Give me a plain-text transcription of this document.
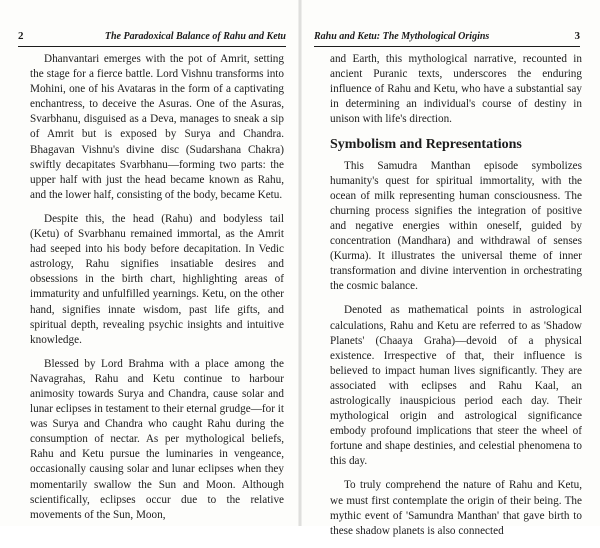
2	The Paradoxical Balance of Rahu and Ketu

Dhanvantari emerges with the pot of Amrit, setting the stage for a fierce battle. Lord Vishnu transforms into Mohini, one of his Avataras in the form of a captivating enchantress, to deceive the Asuras. One of the Asuras, Svarbhanu, disguised as a Deva, manages to sneak a sip of Amrit but is exposed by Surya and Chandra. Bhagavan Vishnu's divine disc (Sudarshana Chakra) swiftly decapitates Svarbhanu—forming two parts: the upper half with just the head became known as Rahu, and the lower half, consisting of the body, became Ketu.

Despite this, the head (Rahu) and bodyless tail (Ketu) of Svarbhanu remained immortal, as the Amrit had seeped into his body before decapitation. In Vedic astrology, Rahu signifies insatiable desires and obsessions in the birth chart, highlighting areas of immaturity and unfulfilled yearnings. Ketu, on the other hand, signifies innate wisdom, past life gifts, and spiritual depth, revealing psychic insights and intuitive knowledge.

Blessed by Lord Brahma with a place among the Navagrahas, Rahu and Ketu continue to harbour animosity towards Surya and Chandra, cause solar and lunar eclipses in testament to their eternal grudge—for it was Surya and Chandra who caught Rahu during the consumption of nectar. As per mythological beliefs, Rahu and Ketu pursue the luminaries in vengeance, occasionally causing solar and lunar eclipses when they momentarily swallow the Sun and Moon. Although scientifically, eclipses occur due to the relative movements of the Sun, Moon,

Rahu and Ketu: The Mythological Origins	3

and Earth, this mythological narrative, recounted in ancient Puranic texts, underscores the enduring influence of Rahu and Ketu, who have a substantial say in determining an individual's course of destiny in unison with life's direction.

Symbolism and Representations

This Samudra Manthan episode symbolizes humanity's quest for spiritual immortality, with the ocean of milk representing human consciousness. The churning process signifies the integration of positive and negative energies within oneself, guided by concentration (Mandhara) and withdrawal of senses (Kurma). It illustrates the universal theme of inner transformation and divine intervention in orchestrating the cosmic balance.

Denoted as mathematical points in astrological calculations, Rahu and Ketu are referred to as 'Shadow Planets' (Chaaya Graha)—devoid of a physical existence. Irrespective of that, their influence is believed to impact human lives significantly. They are associated with eclipses and Rahu Kaal, an astrologically inauspicious period each day. Their mythological origin and astrological significance embody profound implications that steer the wheel of fortune and shape destinies, and celestial phenomena to this day.

To truly comprehend the nature of Rahu and Ketu, we must first contemplate the origin of their being. The mythic event of 'Samundra Manthan' that gave birth to these shadow planets is also connected
